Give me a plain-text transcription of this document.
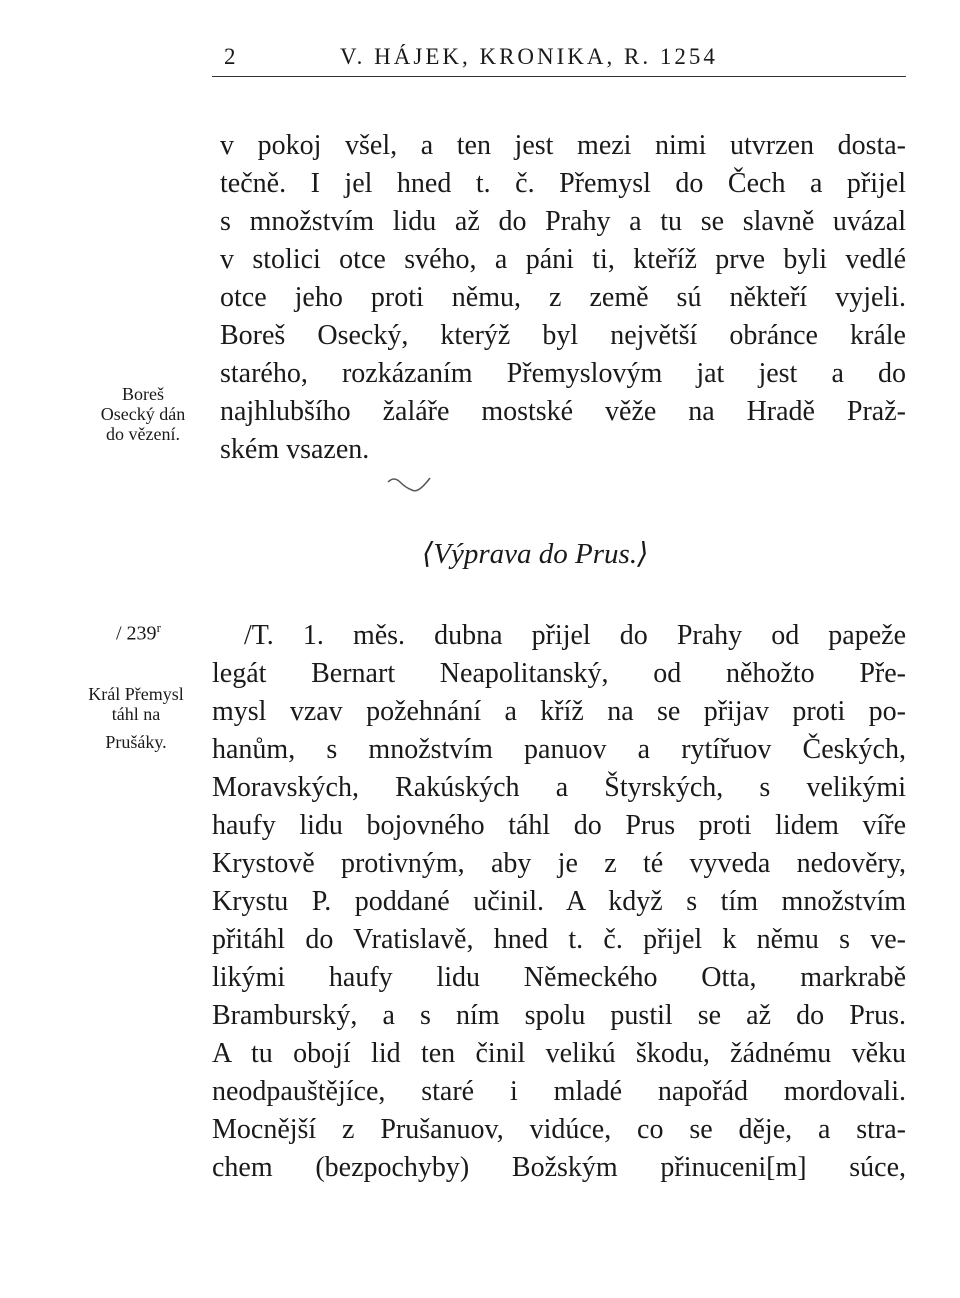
2	V. HÁJEK, KRONIKA, R. 1254
v pokoj všel, a ten jest mezi nimi utvrzen dosta-
tečně. I jel hned t. č. Přemysl do Čech a přijel
s množstvím lidu až do Prahy a tu se slavně uvázal
v stolici otce svého, a páni ti, kteříž prve byli vedlé
otce jeho proti němu, z země sú někteří vyjeli.
Boreš Osecký, kterýž byl největší obránce krále
starého, rozkázaním Přemyslovým jat jest a do
najhlubšího žaláře mostské věže na Hradě Praž-
ském vsazen.
Boreš
Osecký dán
do vězení.
⟨Výprava do Prus.⟩
/ 239$^r$
Král Přemysl
táhl na
Prušáky.
/T. 1. měs. dubna přijel do Prahy od papeže
legát Bernart Neapolitanský, od něhožto Pře-
mysl vzav požehnání a kříž na se přijav proti po-
hanům, s množstvím panuov a rytířuov Českých,
Moravských, Rakúských a Štyrských, s velikými
haufy lidu bojovného táhl do Prus proti lidem víře
Krystově protivným, aby je z té vyveda nedověry,
Krystu P. poddané učinil. A když s tím množstvím
přitáhl do Vratislavě, hned t. č. přijel k němu s ve-
likými haufy lidu Německého Otta, markrabě
Bramburský, a s ním spolu pustil se až do Prus.
A tu obojí lid ten činil velikú škodu, žádnému věku
neodpauštějíce, staré i mladé napořád mordovali.
Mocnější z Prušanuov, vidúce, co se děje, a stra-
chem (bezpochyby) Božským přinuceni[m] súce,
